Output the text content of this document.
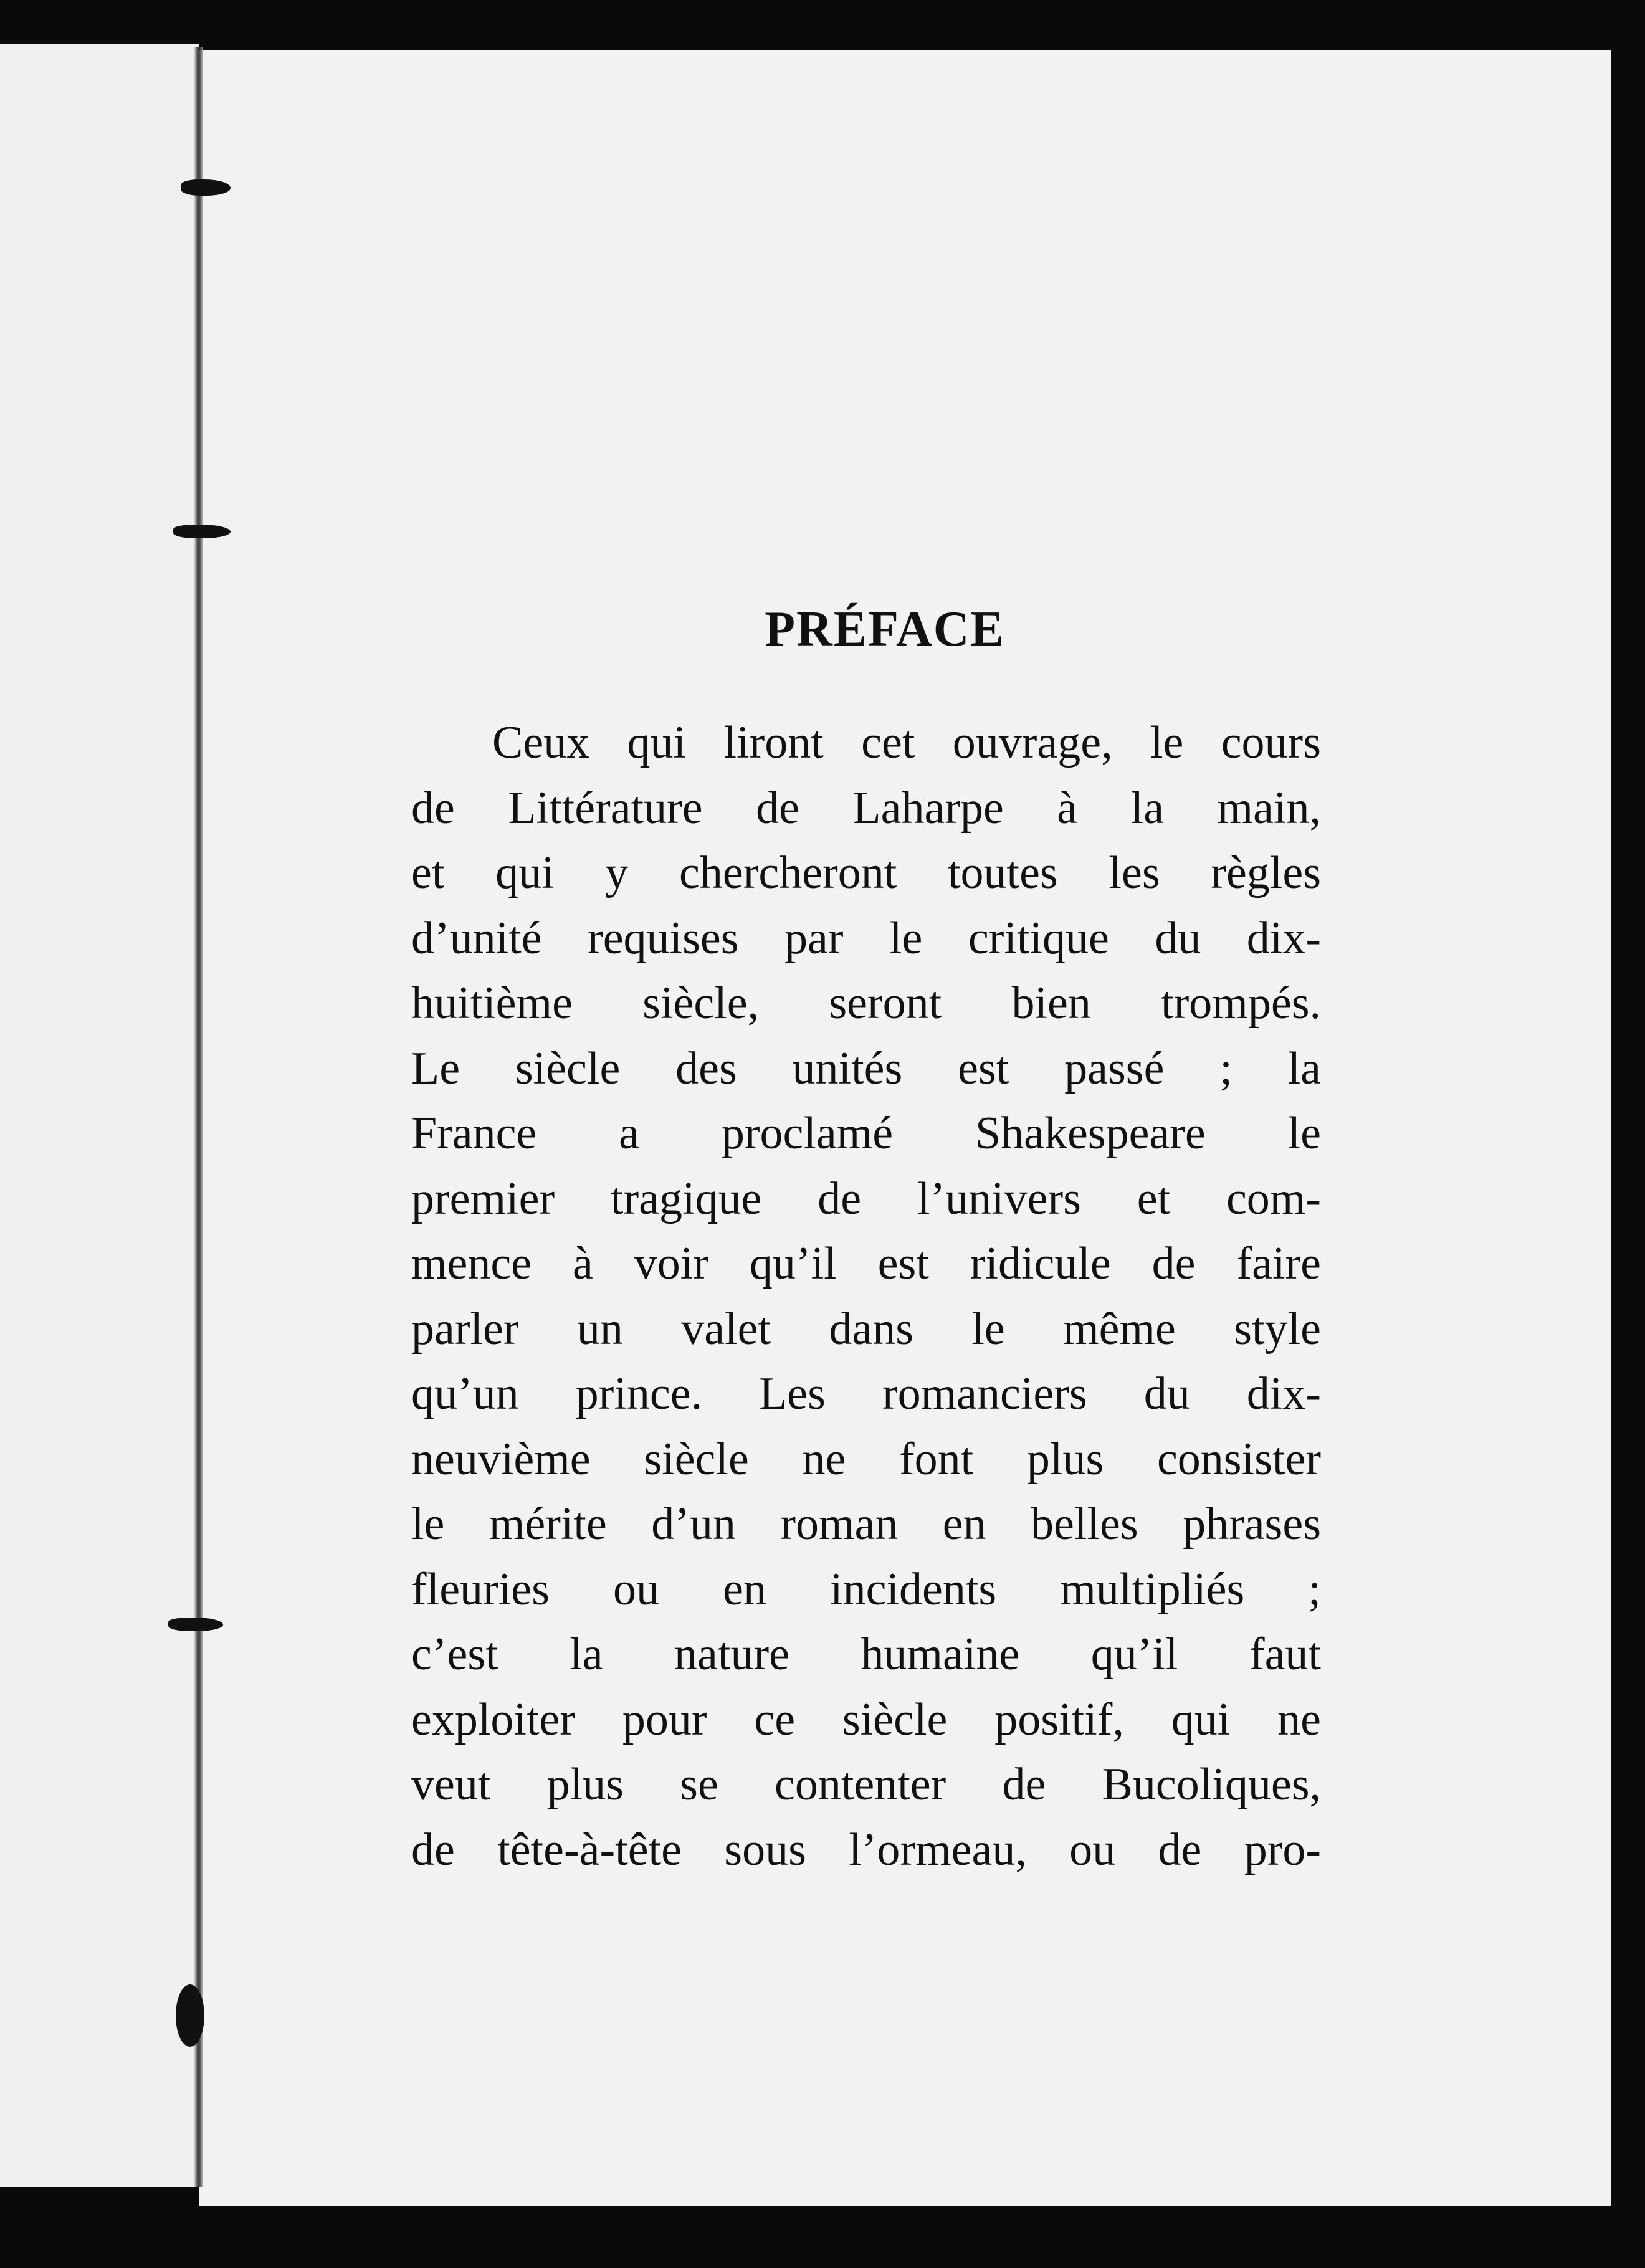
PRÉFACE
Ceux qui liront cet ouvrage, le cours
de Littérature de Laharpe à la main,
et qui y chercheront toutes les règles
d’unité requises par le critique du dix-
huitième siècle, seront bien trompés.
Le siècle des unités est passé ; la
France a proclamé Shakespeare le
premier tragique de l’univers et com-
mence à voir qu’il est ridicule de faire
parler un valet dans le même style
qu’un prince. Les romanciers du dix-
neuvième siècle ne font plus consister
le mérite d’un roman en belles phrases
fleuries ou en incidents multipliés ;
c’est la nature humaine qu’il faut
exploiter pour ce siècle positif, qui ne
veut plus se contenter de Bucoliques,
de tête-à-tête sous l’ormeau, ou de pro-
